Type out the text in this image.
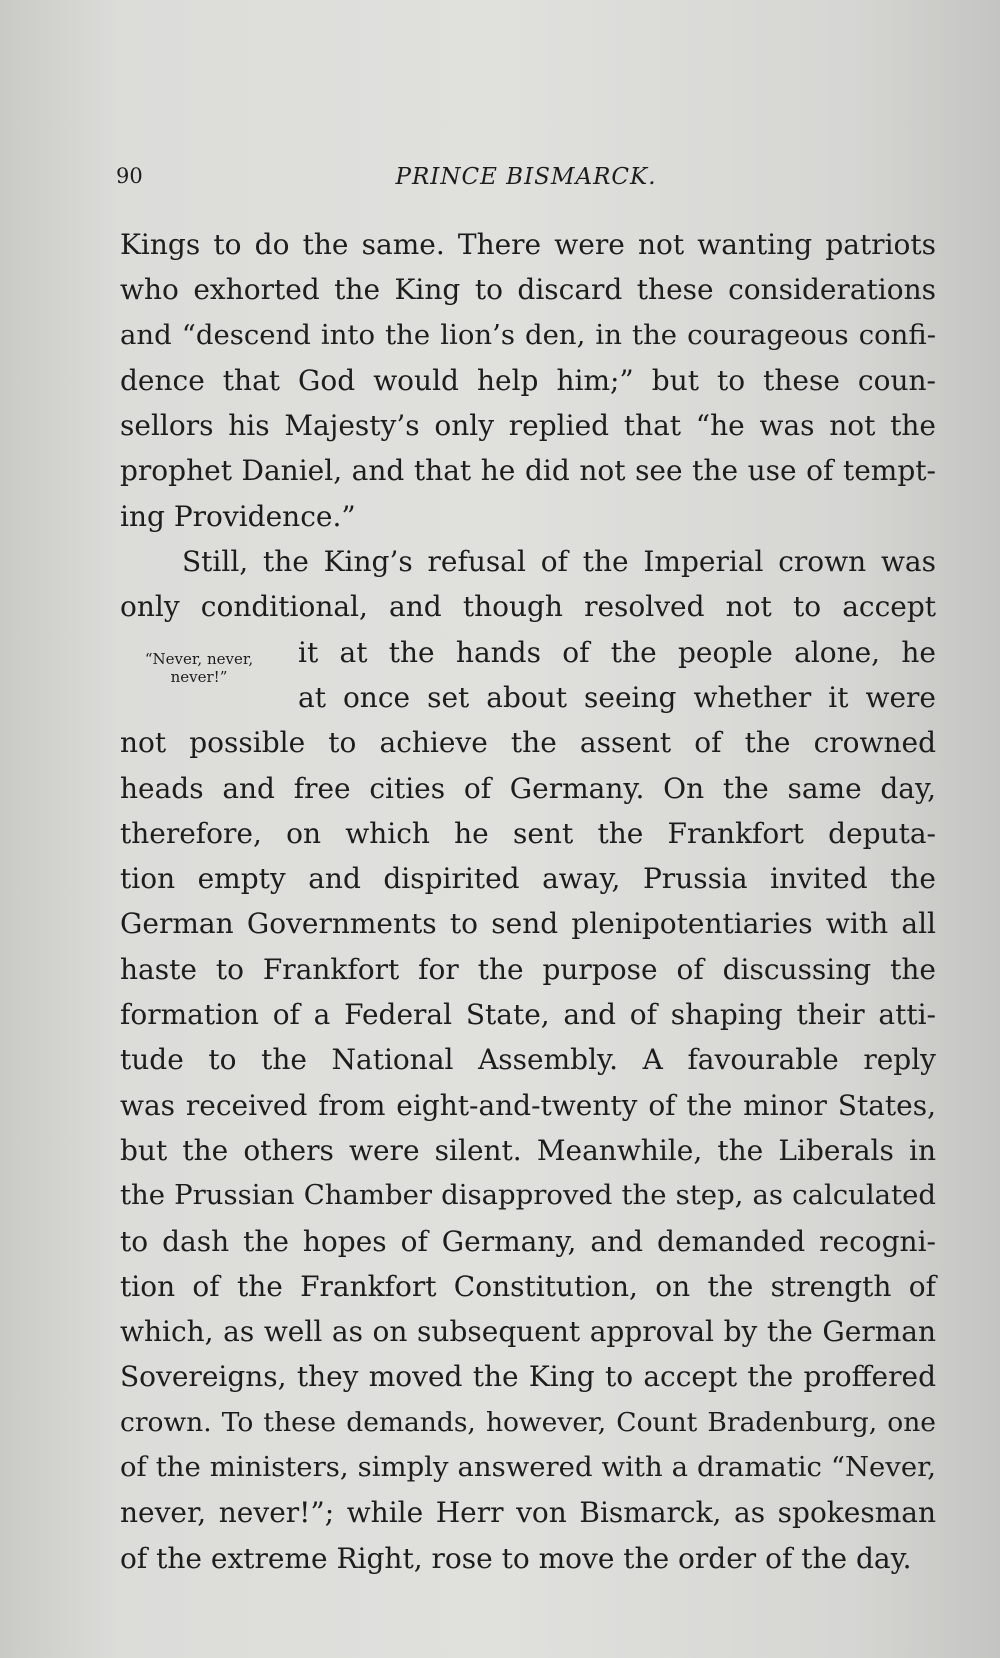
90	PRINCE BISMARCK.
“Never, never,
never!”
Kings to do the same. There were not wanting patriots
who exhorted the King to discard these considerations
and “descend into the lion’s den, in the courageous confi-
dence that God would help him;” but to these coun-
sellors his Majesty’s only replied that “he was not the
prophet Daniel, and that he did not see the use of tempt-
ing Providence.”
Still, the King’s refusal of the Imperial crown was
only conditional, and though resolved not to accept
it at the hands of the people alone, he
at once set about seeing whether it were
not possible to achieve the assent of the crowned
heads and free cities of Germany. On the same day,
therefore, on which he sent the Frankfort deputa-
tion empty and dispirited away, Prussia invited the
German Governments to send plenipotentiaries with all
haste to Frankfort for the purpose of discussing the
formation of a Federal State, and of shaping their atti-
tude to the National Assembly. A favourable reply
was received from eight-and-twenty of the minor States,
but the others were silent. Meanwhile, the Liberals in
the Prussian Chamber disapproved the step, as calculated
to dash the hopes of Germany, and demanded recogni-
tion of the Frankfort Constitution, on the strength of
which, as well as on subsequent approval by the German
Sovereigns, they moved the King to accept the proffered
crown. To these demands, however, Count Bradenburg, one
of the ministers, simply answered with a dramatic “Never,
never, never!”; while Herr von Bismarck, as spokesman
of the extreme Right, rose to move the order of the day.
